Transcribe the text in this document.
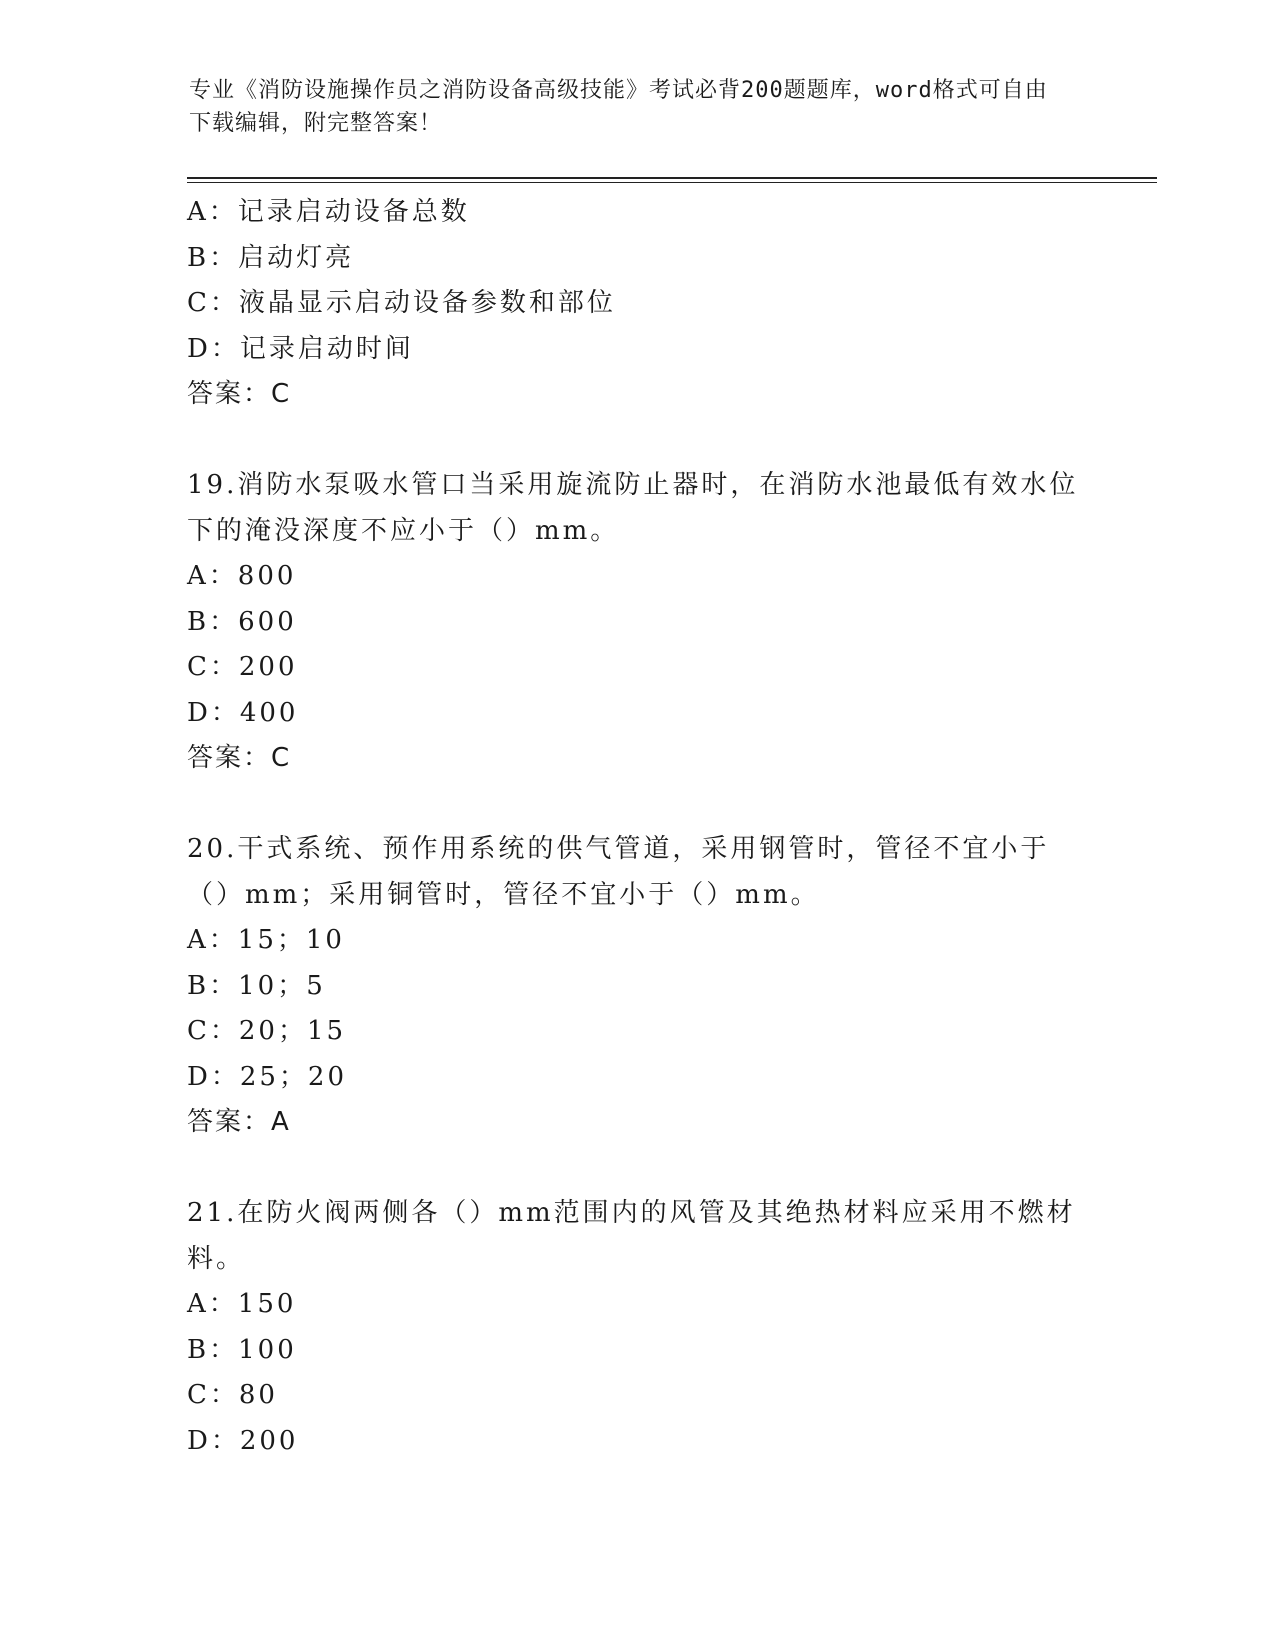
专业《消防设施操作员之消防设备高级技能》考试必背200题题库，word格式可自由下载编辑，附完整答案！
A：记录启动设备总数
B：启动灯亮
C：液晶显示启动设备参数和部位
D：记录启动时间
答案：C
19.消防水泵吸水管口当采用旋流防止器时，在消防水池最低有效水位下的淹没深度不应小于（）mm。
A：800
B：600
C：200
D：400
答案：C
20.干式系统、预作用系统的供气管道，采用钢管时，管径不宜小于（）mm；采用铜管时，管径不宜小于（）mm。
A：15；10
B：10；5
C：20；15
D：25；20
答案：A
21.在防火阀两侧各（）mm范围内的风管及其绝热材料应采用不燃材料。
A：150
B：100
C：80
D：200
